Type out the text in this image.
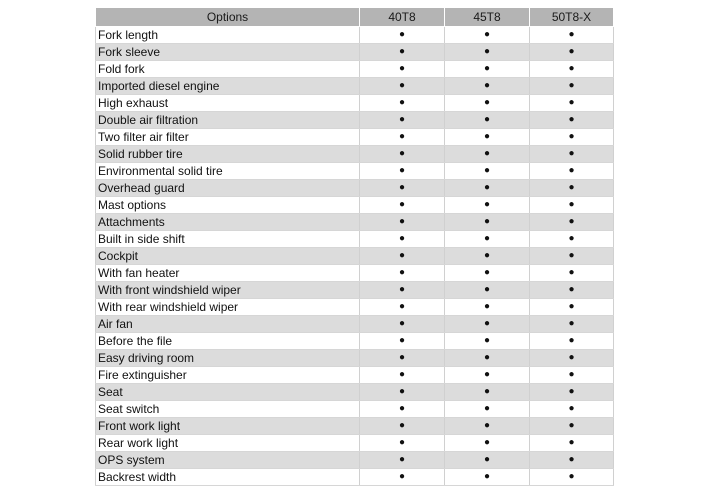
Options	40T8	45T8	50T8-X
Fork length	●	●	●
Fork sleeve	●	●	●
Fold fork	●	●	●
Imported diesel engine	●	●	●
High exhaust	●	●	●
Double air filtration	●	●	●
Two filter air filter	●	●	●
Solid rubber tire	●	●	●
Environmental solid tire	●	●	●
Overhead guard	●	●	●
Mast options	●	●	●
Attachments	●	●	●
Built in side shift	●	●	●
Cockpit	●	●	●
With fan heater	●	●	●
With front windshield wiper	●	●	●
With rear windshield wiper	●	●	●
Air fan	●	●	●
Before the file	●	●	●
Easy driving room	●	●	●
Fire extinguisher	●	●	●
Seat	●	●	●
Seat switch	●	●	●
Front work light	●	●	●
Rear work light	●	●	●
OPS system	●	●	●
Backrest width	●	●	●
